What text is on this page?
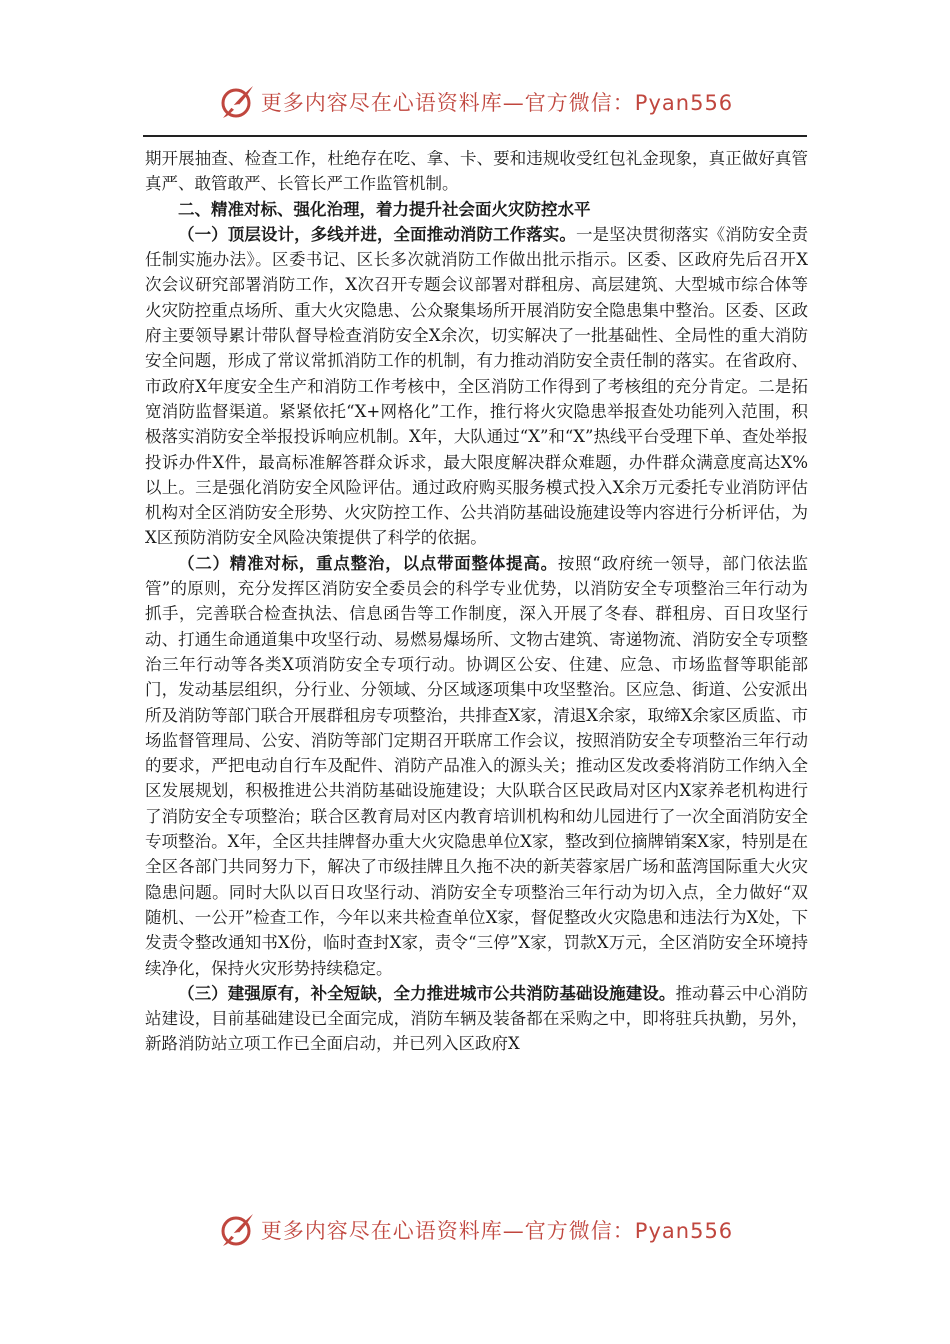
更多内容尽在心语资料库—官方微信：Pyan556

期开展抽查、检查工作，杜绝存在吃、拿、卡、要和违规收受红包礼金现象，真正做好真管真严、敢管敢严、长管长严工作监管机制。

二、精准对标、强化治理，着力提升社会面火灾防控水平

（一）顶层设计，多线并进，全面推动消防工作落实。一是坚决贯彻落实《消防安全责任制实施办法》。区委书记、区长多次就消防工作做出批示指示。区委、区政府先后召开X次会议研究部署消防工作，X次召开专题会议部署对群租房、高层建筑、大型城市综合体等火灾防控重点场所、重大火灾隐患、公众聚集场所开展消防安全隐患集中整治。区委、区政府主要领导累计带队督导检查消防安全X余次，切实解决了一批基础性、全局性的重大消防安全问题，形成了常议常抓消防工作的机制，有力推动消防安全责任制的落实。在省政府、市政府X年度安全生产和消防工作考核中，全区消防工作得到了考核组的充分肯定。二是拓宽消防监督渠道。紧紧依托“X+网格化”工作，推行将火灾隐患举报查处功能列入范围，积极落实消防安全举报投诉响应机制。X年，大队通过“X”和“X”热线平台受理下单、查处举报投诉办件X件，最高标准解答群众诉求，最大限度解决群众难题，办件群众满意度高达X%以上。三是强化消防安全风险评估。通过政府购买服务模式投入X余万元委托专业消防评估机构对全区消防安全形势、火灾防控工作、公共消防基础设施建设等内容进行分析评估，为X区预防消防安全风险决策提供了科学的依据。

（二）精准对标，重点整治，以点带面整体提高。按照“政府统一领导，部门依法监管”的原则，充分发挥区消防安全委员会的科学专业优势，以消防安全专项整治三年行动为抓手，完善联合检查执法、信息函告等工作制度，深入开展了冬春、群租房、百日攻坚行动、打通生命通道集中攻坚行动、易燃易爆场所、文物古建筑、寄递物流、消防安全专项整治三年行动等各类X项消防安全专项行动。协调区公安、住建、应急、市场监督等职能部门，发动基层组织，分行业、分领域、分区域逐项集中攻坚整治。区应急、街道、公安派出所及消防等部门联合开展群租房专项整治，共排查X家，清退X余家，取缔X余家区质监、市场监督管理局、公安、消防等部门定期召开联席工作会议，按照消防安全专项整治三年行动的要求，严把电动自行车及配件、消防产品准入的源头关；推动区发改委将消防工作纳入全区发展规划，积极推进公共消防基础设施建设；大队联合区民政局对区内X家养老机构进行了消防安全专项整治；联合区教育局对区内教育培训机构和幼儿园进行了一次全面消防安全专项整治。X年，全区共挂牌督办重大火灾隐患单位X家，整改到位摘牌销案X家，特别是在全区各部门共同努力下，解决了市级挂牌且久拖不决的新芙蓉家居广场和蓝湾国际重大火灾隐患问题。同时大队以百日攻坚行动、消防安全专项整治三年行动为切入点，全力做好“双随机、一公开”检查工作，今年以来共检查单位X家，督促整改火灾隐患和违法行为X处，下发责令整改通知书X份，临时查封X家，责令“三停”X家，罚款X万元，全区消防安全环境持续净化，保持火灾形势持续稳定。

（三）建强原有，补全短缺，全力推进城市公共消防基础设施建设。推动暮云中心消防站建设，目前基础建设已全面完成，消防车辆及装备都在采购之中，即将驻兵执勤，另外，新路消防站立项工作已全面启动，并已列入区政府X

更多内容尽在心语资料库—官方微信：Pyan556
